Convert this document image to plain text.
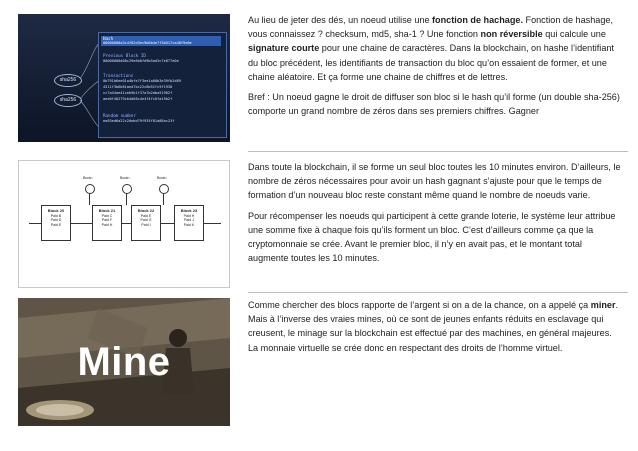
sha256
sha256
Hash
00000000a3c4f82d3ec9b6b4e7f3b517ca48f9e0e
Previous Block ID
00000000d00c29e6b0fd9b5ad3c7e877e0e
Transactions
0b791b6ee01a4bfe7f3ee1a00b3e39fb2d89
4311f3b6b81aed7bc22c8b51fc9f1938
cc7a44ae41ceb9b1f37a7b2dba51962f
aee0f40279cb4d68c4e4f4fc0fa19b2f
Random number
ea03ed6a22c20ebd79f935f81a88ac23f

Au lieu de jeter des dés, un noeud utilise une fonction de hachage. Fonction de hashage, vous connaissez ? checksum, md5, sha-1 ? Une fonction non réversible qui calcule une signature courte pour une chaine de caractères. Dans la blockchain, on hashe l’identifiant du bloc précédent, les identifiants de transaction du bloc qu’on essaient de former, et une chaine aléatoire. Et ça forme une chaine de chiffres et de lettres.

Bref : Un noeud gagne le droit de diffuser son bloc si le hash qu’il forme (un double sha-256) comporte un grand nombre de zéros dans ses premiers chiffres. Gagner

Bcoin	Bcoin	Bcoin
Block 20
Paid B
Paid D
Paid E
Block 21
Paid C
Paid F
Paid H
Block 22
Paid E
Paid G
Paid I
Block 23
Paid H
Paid J
Paid K

Dans toute la blockchain, il se forme un seul bloc toutes les 10 minutes environ. D’ailleurs, le nombre de zéros nécessaires pour avoir un hash gagnant s’ajuste pour que le temps de formation d’un nouveau bloc reste constant même quand le nombre de noeuds varie.

Pour récompenser les noeuds qui participent à cette grande loterie, le système leur attribue une somme fixe à chaque fois qu’ils forment un bloc. C’est d’ailleurs comme ça que la cryptomonnaie se crée. Avant le premier bloc, il n’y en avait pas, et le montant total augmente toutes les 10 minutes.

Mine

Comme chercher des blocs rapporte de l’argent si on a de la chance, on a appelé ça miner. Mais à l’inverse des vraies mines, où ce sont de jeunes enfants réduits en esclavage qui creusent, le minage sur la blockchain est effectué par des machines, en général majeures. La monnaie virtuelle se crée donc en respectant des droits de l’homme virtuel.
